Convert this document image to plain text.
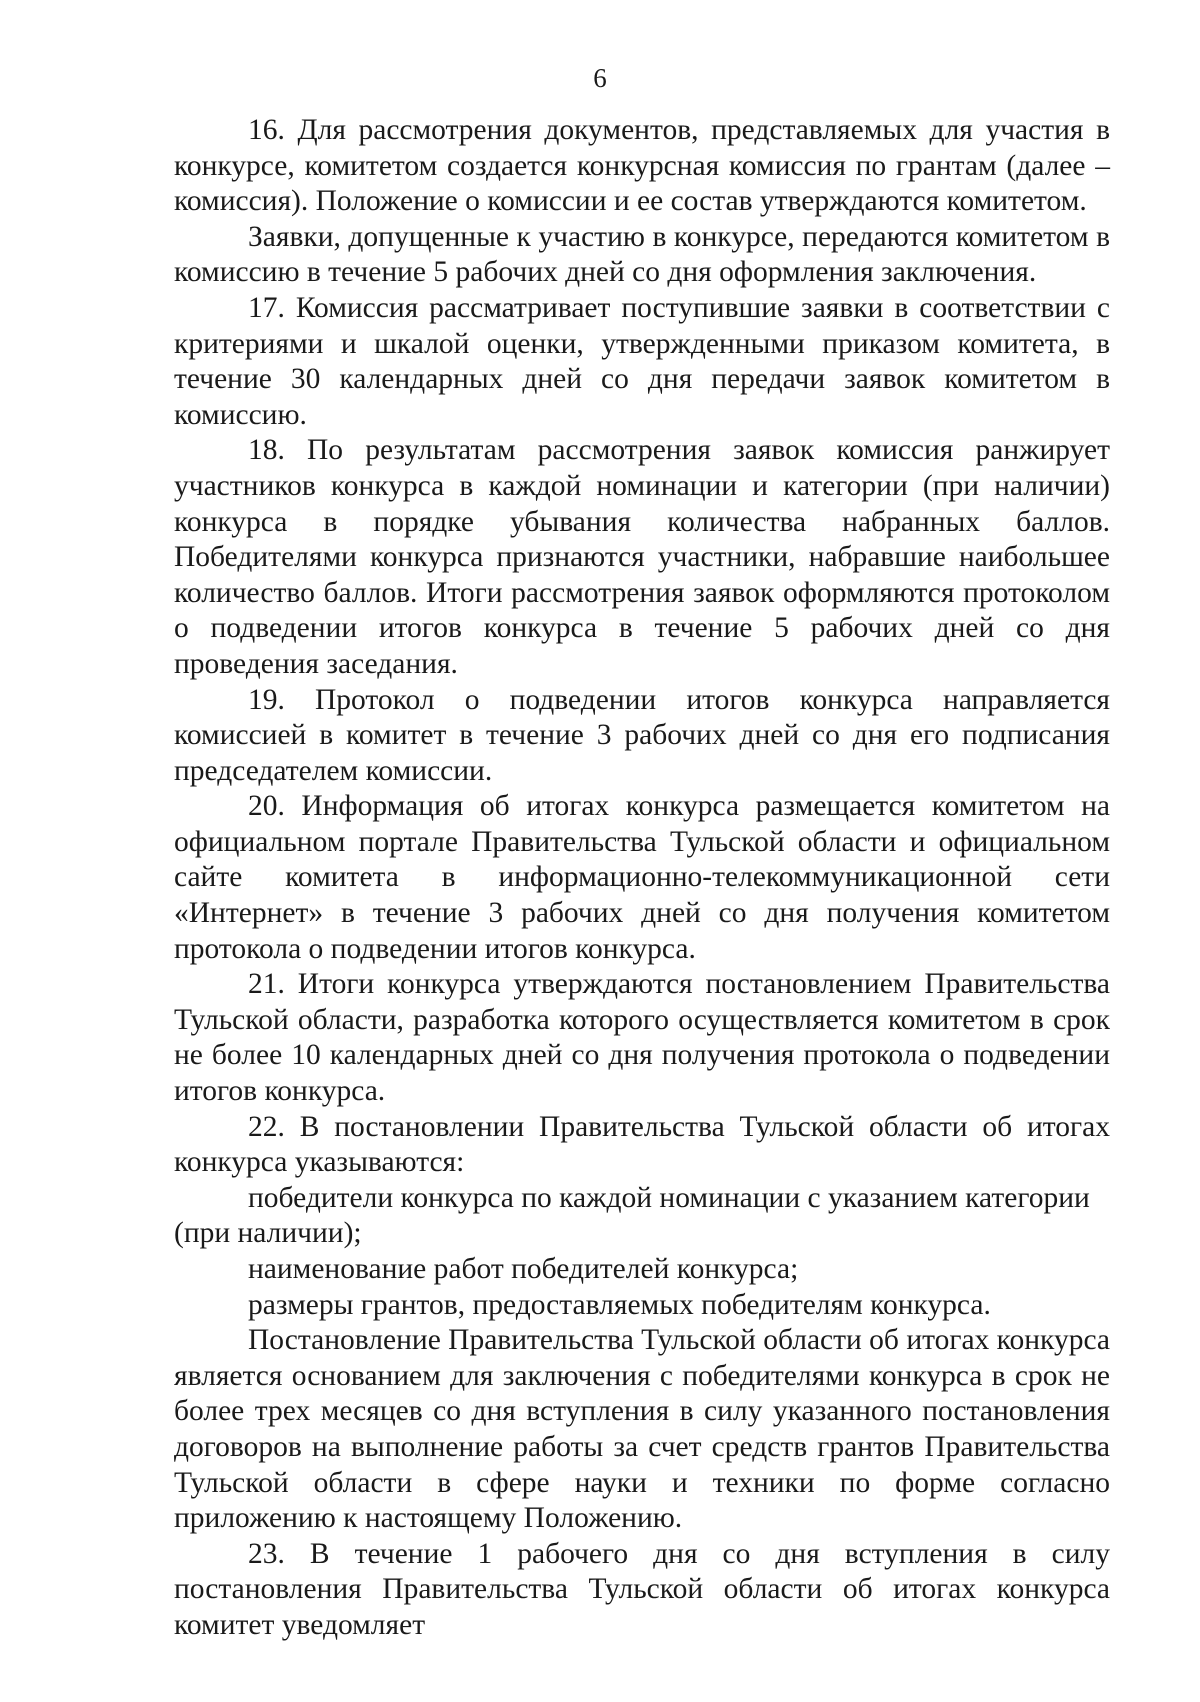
6

16. Для рассмотрения документов, представляемых для участия в конкурсе, комитетом создается конкурсная комиссия по грантам (далее – комиссия). Положение о комиссии и ее состав утверждаются комитетом.

Заявки, допущенные к участию в конкурсе, передаются комитетом в комиссию в течение 5 рабочих дней со дня оформления заключения.

17. Комиссия рассматривает поступившие заявки в соответствии с критериями и шкалой оценки, утвержденными приказом комитета, в течение 30 календарных дней со дня передачи заявок комитетом в комиссию.

18. По результатам рассмотрения заявок комиссия ранжирует участников конкурса в каждой номинации и категории (при наличии) конкурса в порядке убывания количества набранных баллов. Победителями конкурса признаются участники, набравшие наибольшее количество баллов. Итоги рассмотрения заявок оформляются протоколом о подведении итогов конкурса в течение 5 рабочих дней со дня проведения заседания.

19. Протокол о подведении итогов конкурса направляется комиссией в комитет в течение 3 рабочих дней со дня его подписания председателем комиссии.

20. Информация об итогах конкурса размещается комитетом на официальном портале Правительства Тульской области и официальном сайте комитета в информационно-телекоммуникационной сети «Интернет» в течение 3 рабочих дней со дня получения комитетом протокола о подведении итогов конкурса.

21. Итоги конкурса утверждаются постановлением Правительства Тульской области, разработка которого осуществляется комитетом в срок не более 10 календарных дней со дня получения протокола о подведении итогов конкурса.

22. В постановлении Правительства Тульской области об итогах конкурса указываются:

победители конкурса по каждой номинации с указанием категории (при наличии);

наименование работ победителей конкурса;

размеры грантов, предоставляемых победителям конкурса.

Постановление Правительства Тульской области об итогах конкурса является основанием для заключения с победителями конкурса в срок не более трех месяцев со дня вступления в силу указанного постановления договоров на выполнение работы за счет средств грантов Правительства Тульской области в сфере науки и техники по форме согласно приложению к настоящему Положению.

23. В течение 1 рабочего дня со дня вступления в силу постановления Правительства Тульской области об итогах конкурса комитет уведомляет
